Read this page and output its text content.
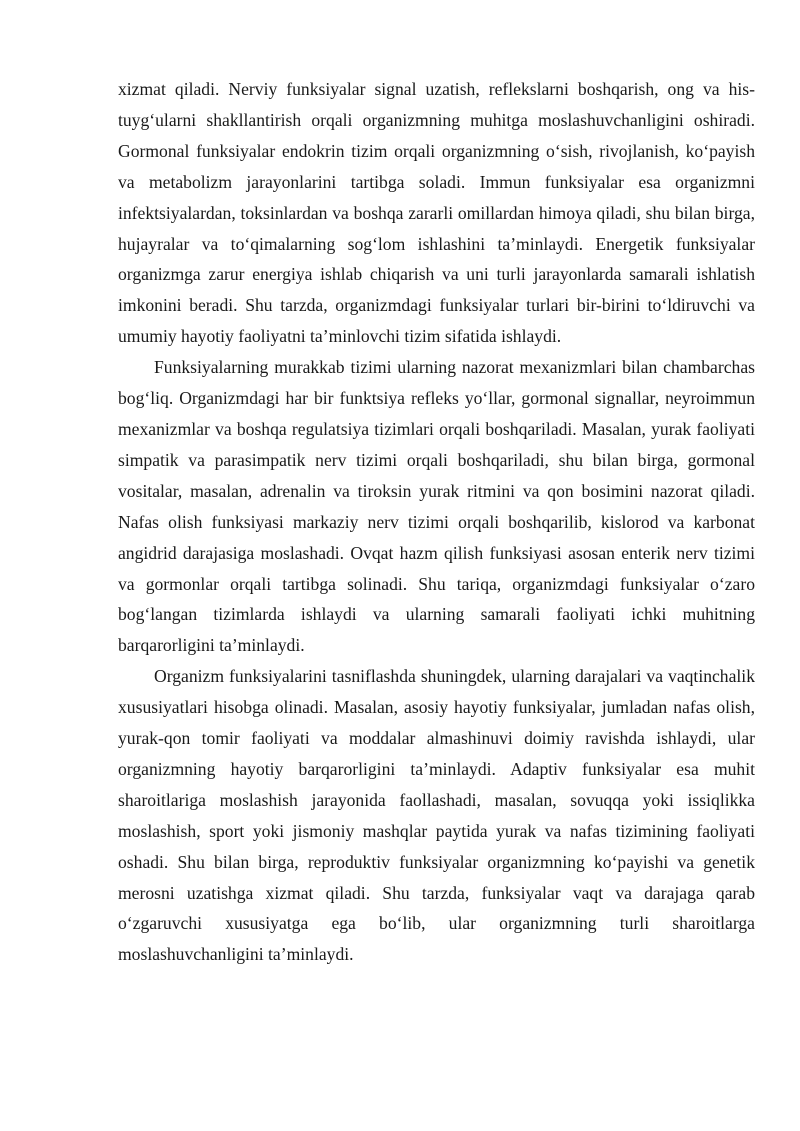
xizmat qiladi. Nerviy funksiyalar signal uzatish, reflekslarni boshqarish, ong va his-tuyg‘ularni shakllantirish orqali organizmning muhitga moslashuvchanligini oshiradi. Gormonal funksiyalar endokrin tizim orqali organizmning o‘sish, rivojlanish, ko‘payish va metabolizm jarayonlarini tartibga soladi. Immun funksiyalar esa organizmni infektsiyalardan, toksinlardan va boshqa zararli omillardan himoya qiladi, shu bilan birga, hujayralar va to‘qimalarning sog‘lom ishlashini ta’minlaydi. Energetik funksiyalar organizmga zarur energiya ishlab chiqarish va uni turli jarayonlarda samarali ishlatish imkonini beradi. Shu tarzda, organizmdagi funksiyalar turlari bir-birini to‘ldiruvchi va umumiy hayotiy faoliyatni ta’minlovchi tizim sifatida ishlaydi.

Funksiyalarning murakkab tizimi ularning nazorat mexanizmlari bilan chambarchas bog‘liq. Organizmdagi har bir funktsiya refleks yo‘llar, gormonal signallar, neyroimmun mexanizmlar va boshqa regulatsiya tizimlari orqali boshqariladi. Masalan, yurak faoliyati simpatik va parasimpatik nerv tizimi orqali boshqariladi, shu bilan birga, gormonal vositalar, masalan, adrenalin va tiroksin yurak ritmini va qon bosimini nazorat qiladi. Nafas olish funksiyasi markaziy nerv tizimi orqali boshqarilib, kislorod va karbonat angidrid darajasiga moslashadi. Ovqat hazm qilish funksiyasi asosan enterik nerv tizimi va gormonlar orqali tartibga solinadi. Shu tariqa, organizmdagi funksiyalar o‘zaro bog‘langan tizimlarda ishlaydi va ularning samarali faoliyati ichki muhitning barqarorligini ta’minlaydi.

Organizm funksiyalarini tasniflashda shuningdek, ularning darajalari va vaqtinchalik xususiyatlari hisobga olinadi. Masalan, asosiy hayotiy funksiyalar, jumladan nafas olish, yurak-qon tomir faoliyati va moddalar almashinuvi doimiy ravishda ishlaydi, ular organizmning hayotiy barqarorligini ta’minlaydi. Adaptiv funksiyalar esa muhit sharoitlariga moslashish jarayonida faollashadi, masalan, sovuqqa yoki issiqlikka moslashish, sport yoki jismoniy mashqlar paytida yurak va nafas tizimining faoliyati oshadi. Shu bilan birga, reproduktiv funksiyalar organizmning ko‘payishi va genetik merosni uzatishga xizmat qiladi. Shu tarzda, funksiyalar vaqt va darajaga qarab o‘zgaruvchi xususiyatga ega bo‘lib, ular organizmning turli sharoitlarga moslashuvchanligini ta’minlaydi.
